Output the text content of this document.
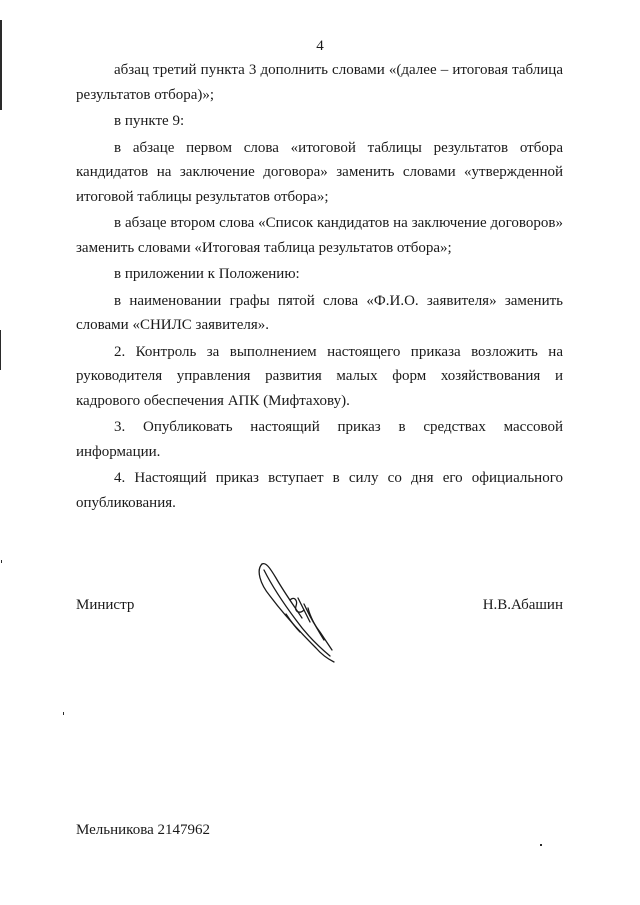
4

абзац третий пункта 3 дополнить словами «(далее – итоговая таблица результатов отбора)»;

в пункте 9:

в абзаце первом слова «итоговой таблицы результатов отбора кандидатов на заключение договора» заменить словами «утвержденной итоговой таблицы результатов отбора»;

в абзаце втором слова «Список кандидатов на заключение договоров» заменить словами «Итоговая таблица результатов отбора»;

в приложении к Положению:

в наименовании графы пятой слова «Ф.И.О. заявителя» заменить словами «СНИЛС заявителя».

2. Контроль за выполнением настоящего приказа возложить на руководителя управления развития малых форм хозяйствования и кадрового обеспечения АПК (Мифтахову).

3. Опубликовать настоящий приказ в средствах массовой информации.

4. Настоящий приказ вступает в силу со дня его официального опубликования.

Министр	Н.В.Абашин
Мельникова 2147962
